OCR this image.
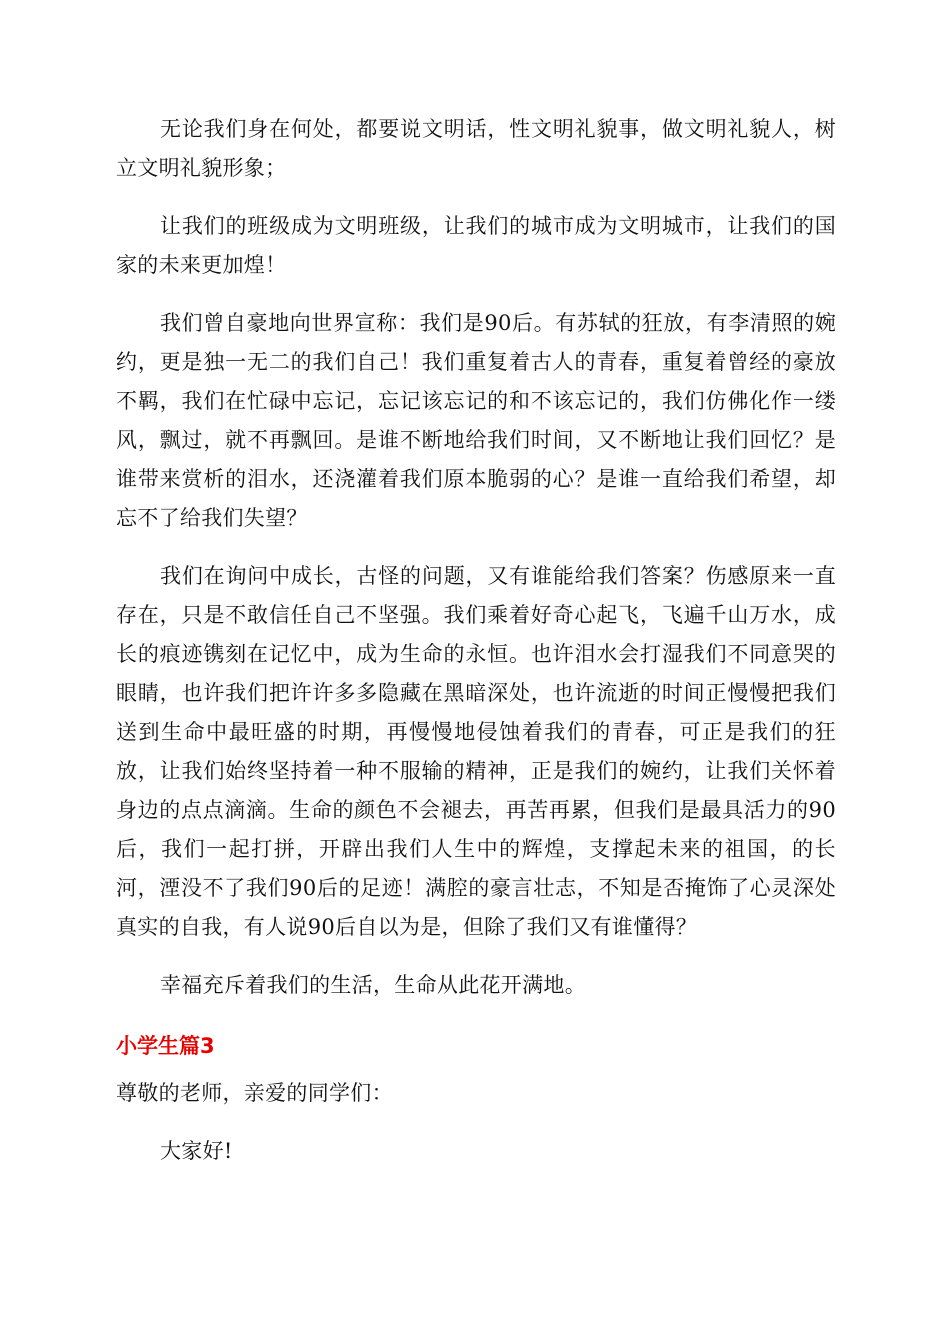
无论我们身在何处，都要说文明话，性文明礼貌事，做文明礼貌人，树立文明礼貌形象；

让我们的班级成为文明班级，让我们的城市成为文明城市，让我们的国家的未来更加煌！

我们曾自豪地向世界宣称：我们是90后。有苏轼的狂放，有李清照的婉约，更是独一无二的我们自己！我们重复着古人的青春，重复着曾经的豪放不羁，我们在忙碌中忘记，忘记该忘记的和不该忘记的，我们仿佛化作一缕风，飘过，就不再飘回。是谁不断地给我们时间，又不断地让我们回忆？是谁带来赏析的泪水，还浇灌着我们原本脆弱的心？是谁一直给我们希望，却忘不了给我们失望？

我们在询问中成长，古怪的问题，又有谁能给我们答案？伤感原来一直存在，只是不敢信任自己不坚强。我们乘着好奇心起飞，飞遍千山万水，成长的痕迹镌刻在记忆中，成为生命的永恒。也许泪水会打湿我们不同意哭的眼睛，也许我们把许许多多隐藏在黑暗深处，也许流逝的时间正慢慢把我们送到生命中最旺盛的时期，再慢慢地侵蚀着我们的青春，可正是我们的狂放，让我们始终坚持着一种不服输的精神，正是我们的婉约，让我们关怀着身边的点点滴滴。生命的颜色不会褪去，再苦再累，但我们是最具活力的90后，我们一起打拼，开辟出我们人生中的辉煌，支撑起未来的祖国，的长河，湮没不了我们90后的足迹！满腔的豪言壮志，不知是否掩饰了心灵深处真实的自我，有人说90后自以为是，但除了我们又有谁懂得？

幸福充斥着我们的生活，生命从此花开满地。

小学生篇3

尊敬的老师，亲爱的同学们：

大家好!
